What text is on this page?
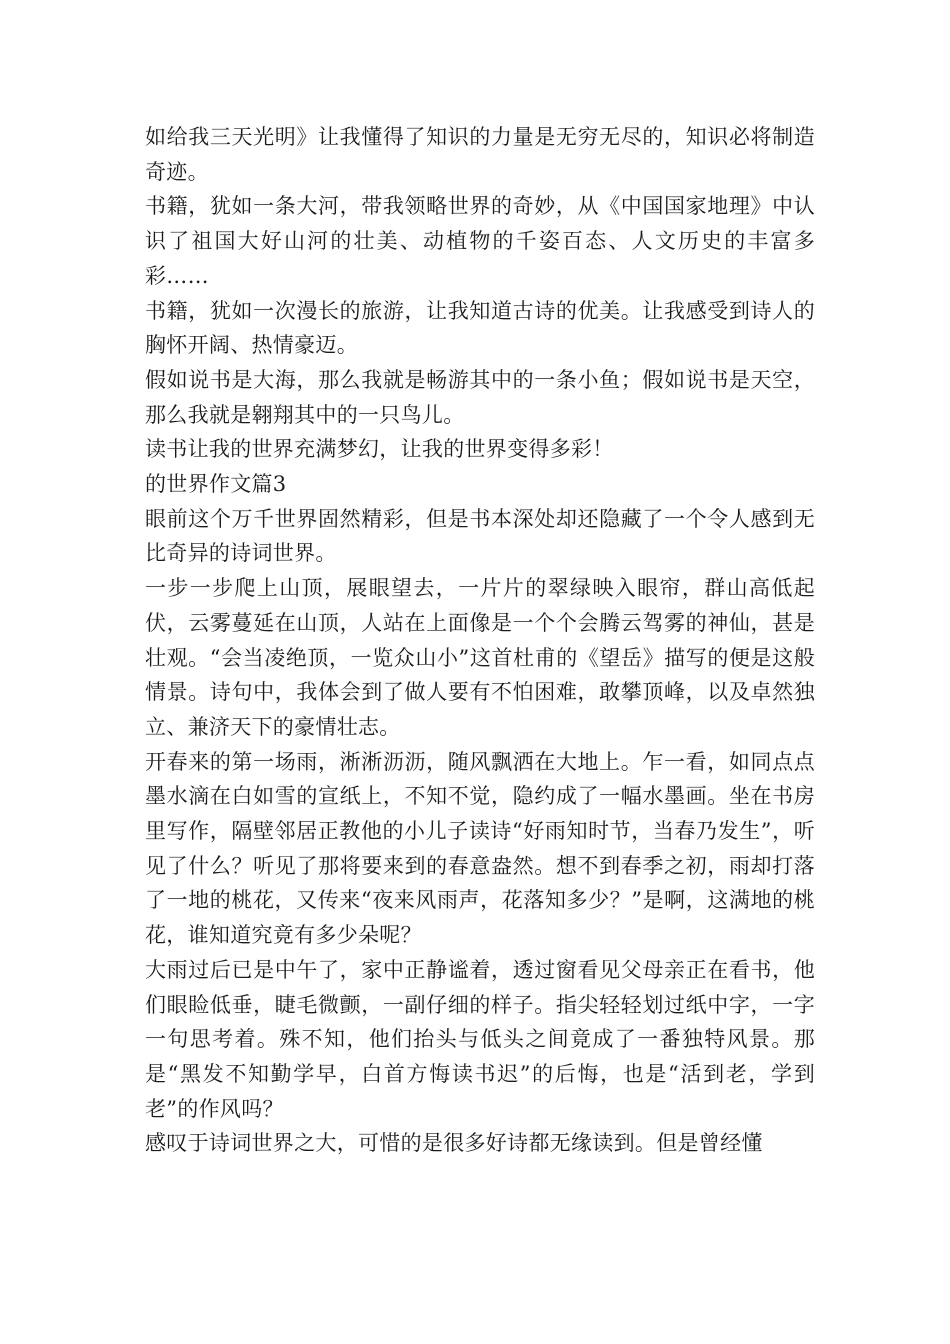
如给我三天光明》让我懂得了知识的力量是无穷无尽的，知识必将制造奇迹。

书籍，犹如一条大河，带我领略世界的奇妙，从《中国国家地理》中认识了祖国大好山河的壮美、动植物的千姿百态、人文历史的丰富多彩……

书籍，犹如一次漫长的旅游，让我知道古诗的优美。让我感受到诗人的胸怀开阔、热情豪迈。

假如说书是大海，那么我就是畅游其中的一条小鱼；假如说书是天空，那么我就是翱翔其中的一只鸟儿。

读书让我的世界充满梦幻，让我的世界变得多彩！

的世界作文篇3

眼前这个万千世界固然精彩，但是书本深处却还隐藏了一个令人感到无比奇异的诗词世界。

一步一步爬上山顶，展眼望去，一片片的翠绿映入眼帘，群山高低起伏，云雾蔓延在山顶，人站在上面像是一个个会腾云驾雾的神仙，甚是壮观。“会当凌绝顶，一览众山小”这首杜甫的《望岳》描写的便是这般情景。诗句中，我体会到了做人要有不怕困难，敢攀顶峰，以及卓然独立、兼济天下的豪情壮志。

开春来的第一场雨，淅淅沥沥，随风飘洒在大地上。乍一看，如同点点墨水滴在白如雪的宣纸上，不知不觉，隐约成了一幅水墨画。坐在书房里写作，隔壁邻居正教他的小儿子读诗“好雨知时节，当春乃发生”，听见了什么？听见了那将要来到的春意盎然。想不到春季之初，雨却打落了一地的桃花，又传来“夜来风雨声，花落知多少？”是啊，这满地的桃花，谁知道究竟有多少朵呢？

大雨过后已是中午了，家中正静谧着，透过窗看见父母亲正在看书，他们眼睑低垂，睫毛微颤，一副仔细的样子。指尖轻轻划过纸中字，一字一句思考着。殊不知，他们抬头与低头之间竟成了一番独特风景。那是“黑发不知勤学早，白首方悔读书迟”的后悔，也是“活到老，学到老”的作风吗？

感叹于诗词世界之大，可惜的是很多好诗都无缘读到。但是曾经懂
